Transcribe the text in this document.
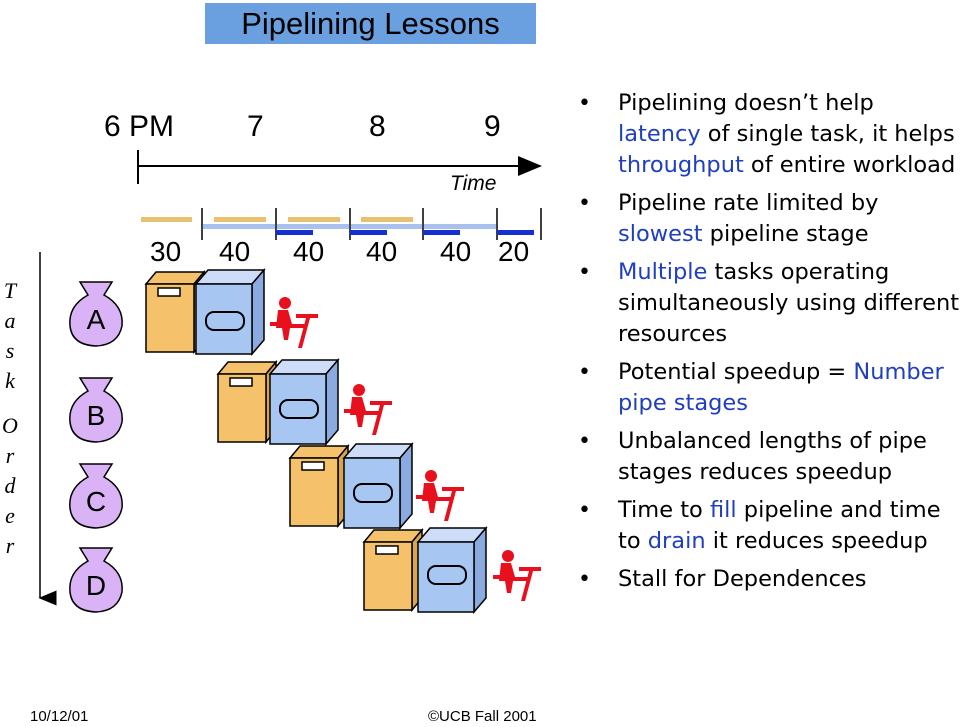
Pipelining Lessons
6 PM 7	8	9
Time
30 40 40 40 40 20
T
a
s
k
O
r
d
e
r
A
B
C
D
• Pipelining doesn’t help latency of single task, it helps throughput of entire workload
• Pipeline rate limited by slowest pipeline stage
• Multiple tasks operating simultaneously using different resources
• Potential speedup = Number pipe stages
• Unbalanced lengths of pipe stages reduces speedup
• Time to fill pipeline and time to drain it reduces speedup
• Stall for Dependences
10/12/01	©UCB Fall 2001
